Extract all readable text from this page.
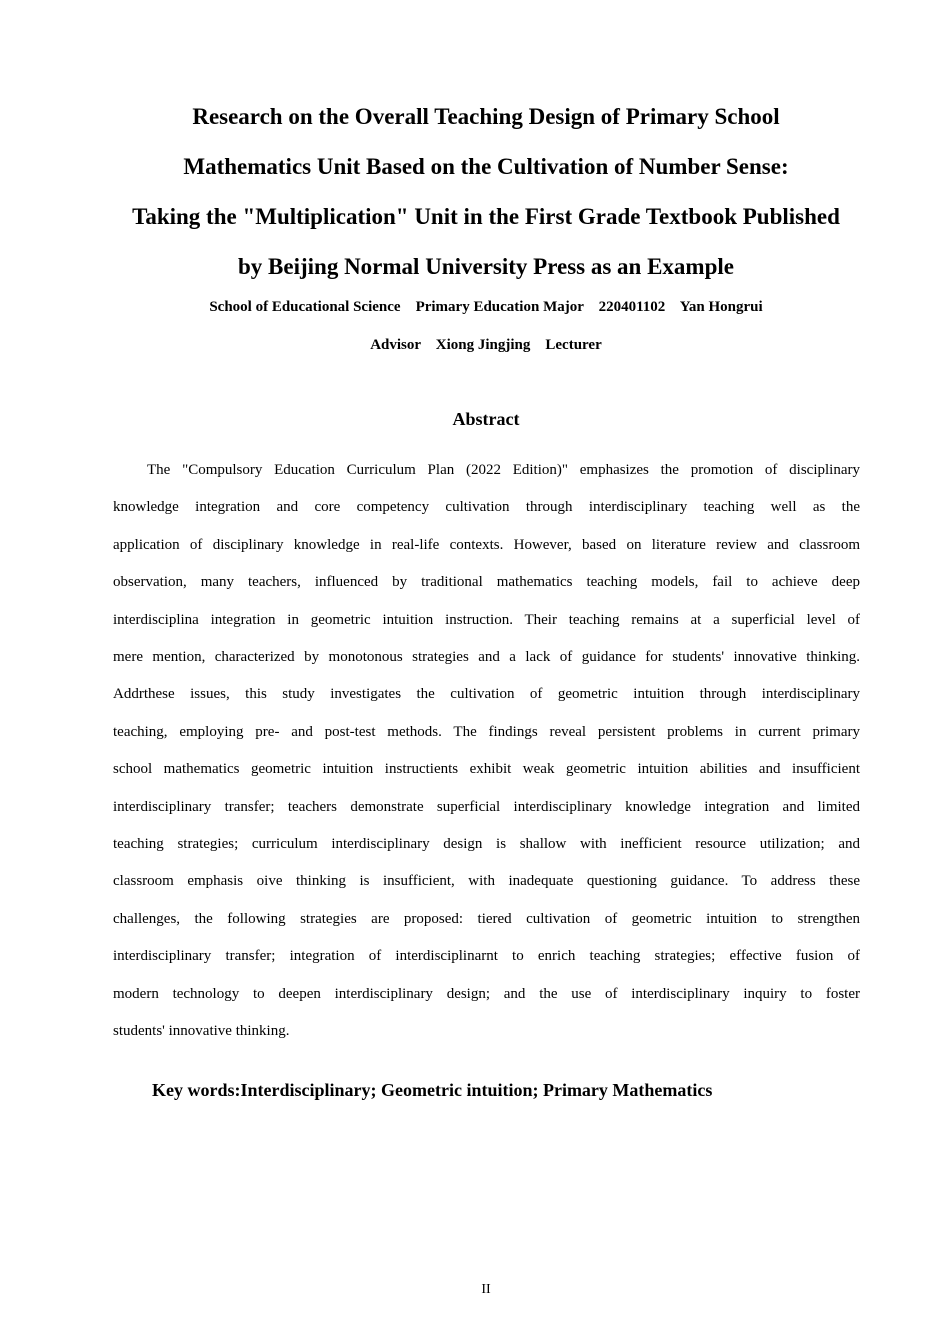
Research on the Overall Teaching Design of Primary School
Mathematics Unit Based on the Cultivation of Number Sense:
Taking the "Multiplication" Unit in the First Grade Textbook Published
by Beijing Normal University Press as an Example
School of Educational Science    Primary Education Major    220401102    Yan Hongrui
Advisor    Xiong Jingjing    Lecturer
Abstract
The "Compulsory Education Curriculum Plan (2022 Edition)" emphasizes the promotion of disciplinary
knowledge integration and core competency cultivation through interdisciplinary teaching well as the
application of disciplinary knowledge in real-life contexts. However, based on literature review and classroom
observation, many teachers, influenced by traditional mathematics teaching models, fail to achieve deep
interdisciplina integration in geometric intuition instruction. Their teaching remains at a superficial level of
mere mention, characterized by monotonous strategies and a lack of guidance for students' innovative thinking.
Addrthese issues, this study investigates the cultivation of geometric intuition through interdisciplinary
teaching, employing pre- and post-test methods. The findings reveal persistent problems in current primary
school mathematics geometric intuition instructients exhibit weak geometric intuition abilities and insufficient
interdisciplinary transfer; teachers demonstrate superficial interdisciplinary knowledge integration and limited
teaching strategies; curriculum interdisciplinary design is shallow with inefficient resource utilization; and
classroom emphasis oive thinking is insufficient, with inadequate questioning guidance. To address these
challenges, the following strategies are proposed: tiered cultivation of geometric intuition to strengthen
interdisciplinary transfer; integration of interdisciplinarnt to enrich teaching strategies; effective fusion of
modern technology to deepen interdisciplinary design; and the use of interdisciplinary inquiry to foster
students' innovative thinking.
Key words:Interdisciplinary; Geometric intuition; Primary Mathematics
II
